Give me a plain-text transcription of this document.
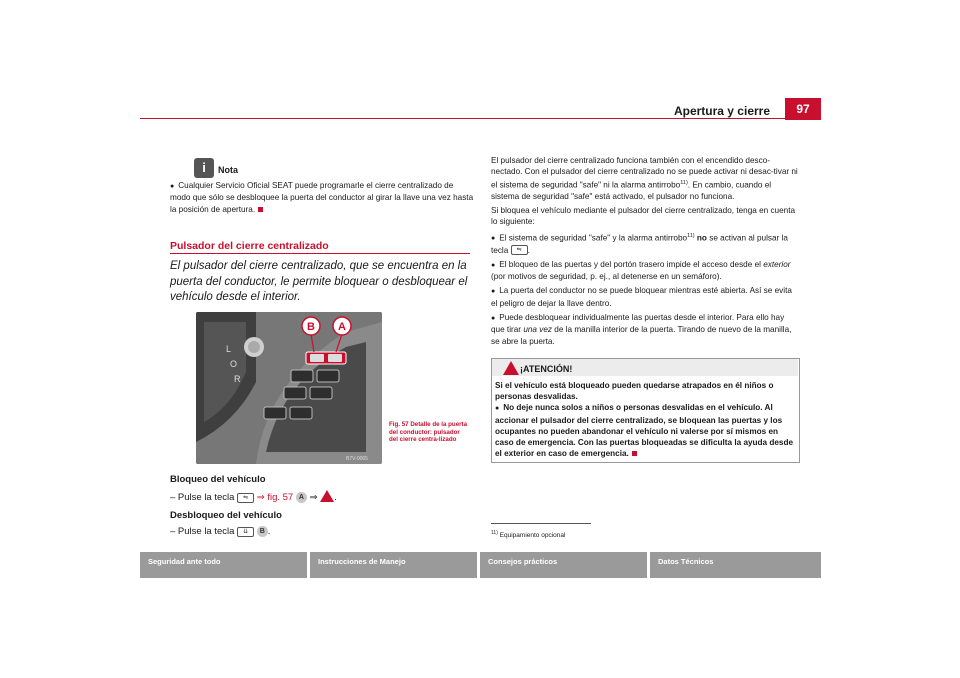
Apertura y cierre	97
i	Nota
● Cualquier Servicio Oficial SEAT puede programarle el cierre centralizado de modo que sólo se desbloquee la puerta del conductor al girar la llave una vez hasta la posición de apertura.
Pulsador del cierre centralizado
El pulsador del cierre centralizado, que se encuentra en la puerta del conductor, le permite bloquear o desbloquear el vehículo desde el interior.
L
O
R
B A
B7V-0065
Fig. 57 Detalle de la puerta del conductor: pulsador del cierre centra-lizado
Bloqueo del vehículo
– Pulse la tecla ⇋ ⇒ fig. 57 A ⇒ .
Desbloqueo del vehículo
– Pulse la tecla ⇊ B .
El pulsador del cierre centralizado funciona también con el encendido desco-nectado. Con el pulsador del cierre centralizado no se puede activar ni desac-tivar ni el sistema de seguridad "safe" ni la alarma antirrobo$^{11)}$. En cambio, cuando el sistema de seguridad "safe" está activado, el pulsador no funciona.
Si bloquea el vehículo mediante el pulsador del cierre centralizado, tenga en cuenta lo siguiente:
● El sistema de seguridad "safe" y la alarma antirrobo$^{11)}$ no se activan al pulsar la tecla ⇋ .
● El bloqueo de las puertas y del portón trasero impide el acceso desde el exterior (por motivos de seguridad, p. ej., al detenerse en un semáforo).
● La puerta del conductor no se puede bloquear mientras esté abierta. Así se evita el peligro de dejar la llave dentro.
● Puede desbloquear individualmente las puertas desde el interior. Para ello hay que tirar una vez de la manilla interior de la puerta. Tirando de nuevo de la manilla, se abre la puerta.
¡ATENCIÓN!
Si el vehículo está bloqueado pueden quedarse atrapados en él niños o personas desvalidas.
● No deje nunca solos a niños o personas desvalidas en el vehículo. Al accionar el pulsador del cierre centralizado, se bloquean las puertas y los ocupantes no pueden abandonar el vehículo ni valerse por sí mismos en caso de emergencia. Con las puertas bloqueadas se dificulta la ayuda desde el exterior en caso de emergencia.
$^{11)}$ Equipamiento opcional
Seguridad ante todo	Instrucciones de Manejo	Consejos prácticos	Datos Técnicos
